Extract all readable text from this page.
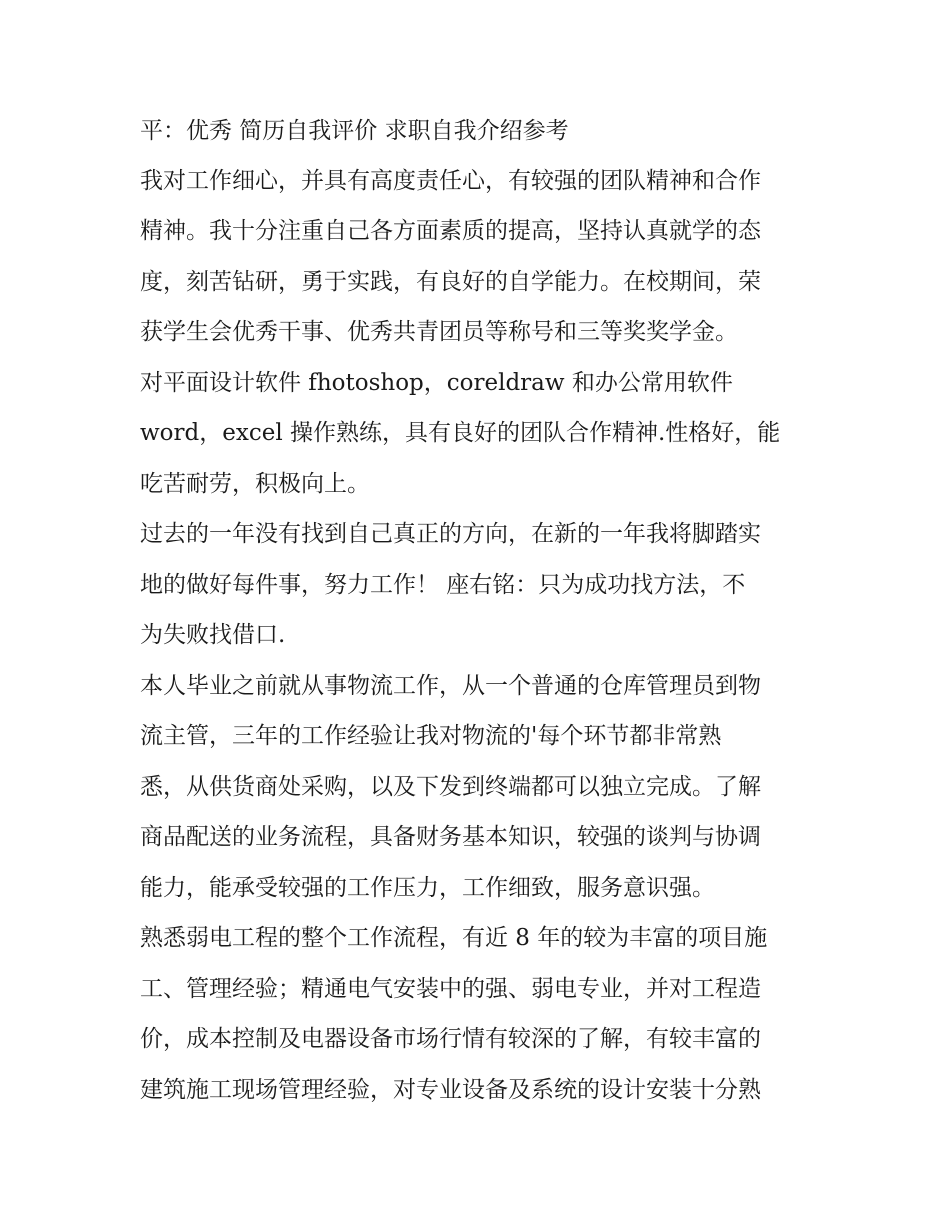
平：优秀 简历自我评价 求职自我介绍参考
我对工作细心，并具有高度责任心，有较强的团队精神和合作
精神。我十分注重自己各方面素质的提高，坚持认真就学的态
度，刻苦钻研，勇于实践，有良好的自学能力。在校期间，荣
获学生会优秀干事、优秀共青团员等称号和三等奖奖学金。
对平面设计软件 fhotoshop，coreldraw 和办公常用软件
word，excel 操作熟练，具有良好的团队合作精神.性格好，能
吃苦耐劳，积极向上。
过去的一年没有找到自己真正的方向，在新的一年我将脚踏实
地的做好每件事，努力工作！ 座右铭：只为成功找方法，不
为失败找借口.
本人毕业之前就从事物流工作，从一个普通的仓库管理员到物
流主管，三年的工作经验让我对物流的'每个环节都非常熟
悉，从供货商处采购，以及下发到终端都可以独立完成。了解
商品配送的业务流程，具备财务基本知识，较强的谈判与协调
能力，能承受较强的工作压力，工作细致，服务意识强。
熟悉弱电工程的整个工作流程，有近 8 年的较为丰富的项目施
工、管理经验；精通电气安装中的强、弱电专业，并对工程造
价，成本控制及电器设备市场行情有较深的了解，有较丰富的
建筑施工现场管理经验，对专业设备及系统的设计安装十分熟
